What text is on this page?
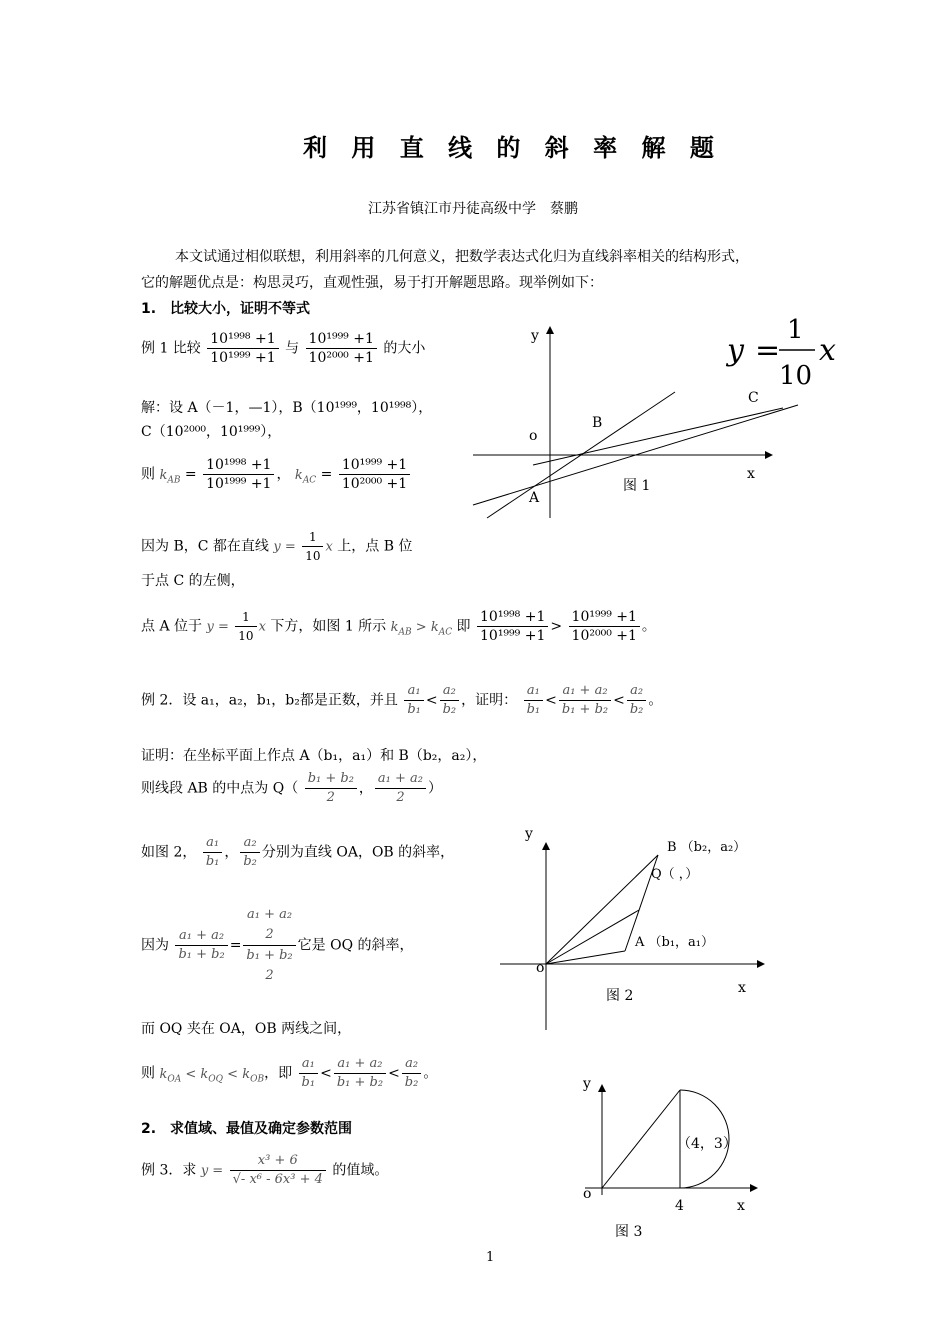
利 用 直 线 的 斜 率 解 题
江苏省镇江市丹徒高级中学　蔡鹏
本文试通过相似联想，利用斜率的几何意义，把数学表达式化归为直线斜率相关的结构形式，
它的解题优点是：构思灵巧，直观性强，易于打开解题思路。现举例如下：
1.　比较大小，证明不等式
例 1 比较 $\frac{\text{10¹⁹⁹⁸ +1}}{\text{10¹⁹⁹⁹ +1}}$ 与 $\frac{\text{10¹⁹⁹⁹ +1}}{\text{10²⁰⁰⁰ +1}}$ 的大小
解：设 A（－1，—1），B（10¹⁹⁹⁹，10¹⁹⁹⁸），
C（10²⁰⁰⁰，10¹⁹⁹⁹），
则 $k_{AB} = \frac{\text{10¹⁹⁹⁸ +1}}{\text{10¹⁹⁹⁹ +1}}$ ， $k_{AC} = \frac{\text{10¹⁹⁹⁹ +1}}{\text{10²⁰⁰⁰ +1}}$
因为 B，C 都在直线 $y = \frac{1}{10}$ x 上，点 B 位
于点 C 的左侧，
点 A 位于 $y = \frac{1}{10}$ x 下方，如图 1 所示 $k_{AB} > k_{AC}$ 即 $\frac{\text{10¹⁹⁹⁸ +1}}{\text{10¹⁹⁹⁹ +1}} > \frac{\text{10¹⁹⁹⁹ +1}}{\text{10²⁰⁰⁰ +1}}$ 。
例 2．设 a₁，a₂，b₁，b₂都是正数，并且 $\frac{\text{a₁}}{\text{b₁}} < \frac{\text{a₂}}{\text{b₂}}$ ，证明： $\frac{\text{a₁}}{\text{b₁}} < \frac{\text{a₁ + a₂}}{\text{b₁ + b₂}} < \frac{\text{a₂}}{\text{b₂}}$ 。
证明：在坐标平面上作点 A（b₁，a₁）和 B（b₂，a₂），
则线段 AB 的中点为 $Q( \frac{\text{b₁ + b₂}}{2}$ ， $\frac{\text{a₁ + a₂}}{2}$ ）
如图 2， $\frac{\text{a₁}}{\text{b₁}}$ ， $\frac{\text{a₂}}{\text{b₂}}$ 分别为直线 OA，OB 的斜率，
因为 $\frac{\text{a₁ + a₂}}{\text{b₁ + b₂}}$ =
a₁ + a₂
2
b₁ + b₂
2
它是 OQ 的斜率，
而 OQ 夹在 OA，OB 两线之间，
则 $k_{OA} < k_{OQ} < k_{OB}$，即 $\frac{\text{a₁}}{\text{b₁}} < \frac{\text{a₁ + a₂}}{\text{b₁ + b₂}} < \frac{\text{a₂}}{\text{b₂}}$ 。
2.　求值域、最值及确定参数范围
例 3．求 $y = \frac{\text{x³ + 6}}{\text{√- x⁶ - 6x³ + 4}}$ 的值域。
y
x
o
A
B
C
图 1
y =
1
10
x
y
x
o
B （b₂，a₂）
Q（ ，）
A （b₁，a₁）
图 2
y
x
o
4
（4，3）
图 3
1
